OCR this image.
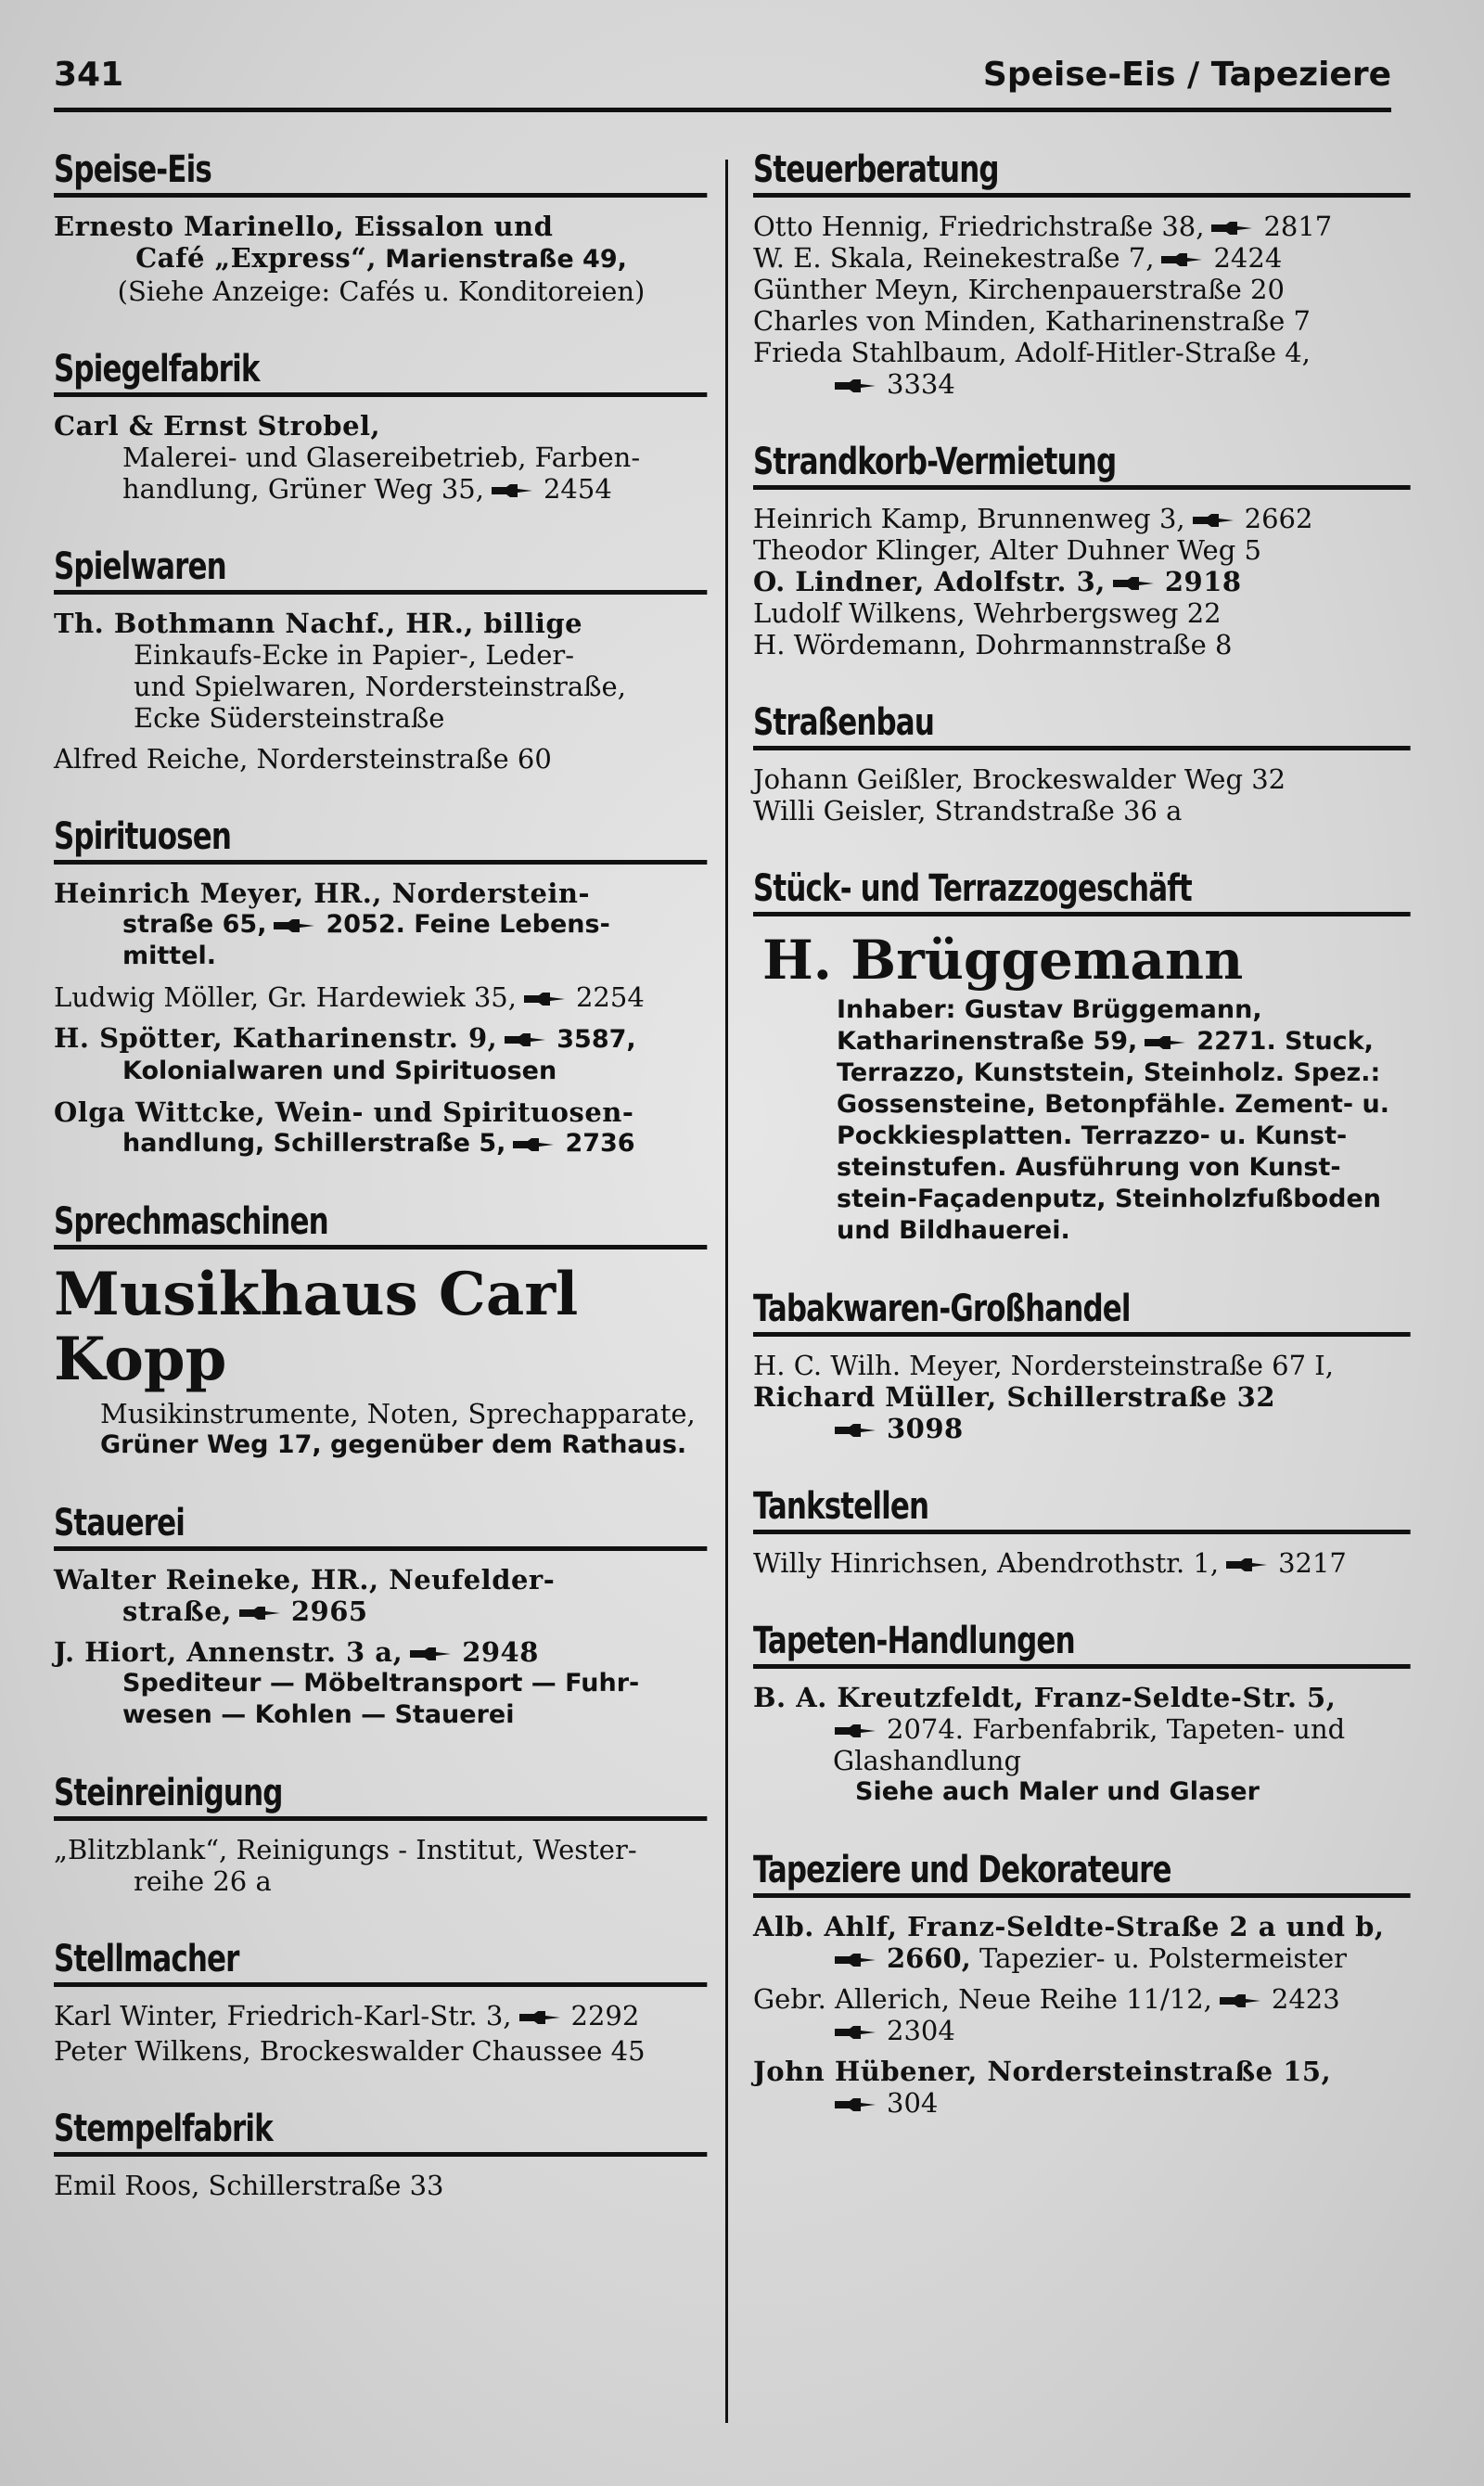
341	Speise-Eis / Tapeziere
Speise-Eis
Ernesto Marinello, Eissalon und
Café „Express“, Marienstraße 49,
(Siehe Anzeige: Cafés u. Konditoreien)
Spiegelfabrik
Carl & Ernst Strobel,
Malerei- und Glasereibetrieb, Farben-
handlung, Grüner Weg 35, 2454
Spielwaren
Th. Bothmann Nachf., HR., billige
Einkaufs-Ecke in Papier-, Leder-
und Spielwaren, Nordersteinstraße,
Ecke Südersteinstraße
Alfred Reiche, Nordersteinstraße 60
Spirituosen
Heinrich Meyer, HR., Norderstein-
straße 65, 2052. Feine Lebens-
mittel.
Ludwig Möller, Gr. Hardewiek 35, 2254
H. Spötter, Katharinenstr. 9, 3587,
Kolonialwaren und Spirituosen
Olga Wittcke, Wein- und Spirituosen-
handlung, Schillerstraße 5, 2736
Sprechmaschinen
Musikhaus Carl Kopp
Musikinstrumente, Noten, Sprechapparate,
Grüner Weg 17, gegenüber dem Rathaus.
Stauerei
Walter Reineke, HR., Neufelder-
straße, 2965
J. Hiort, Annenstr. 3 a, 2948
Spediteur — Möbeltransport — Fuhr-
wesen — Kohlen — Stauerei
Steinreinigung
„Blitzblank“, Reinigungs - Institut, Wester-
reihe 26 a
Stellmacher
Karl Winter, Friedrich-Karl-Str. 3, 2292
Peter Wilkens, Brockeswalder Chaussee 45
Stempelfabrik
Emil Roos, Schillerstraße 33
Steuerberatung
Otto Hennig, Friedrichstraße 38, 2817
W. E. Skala, Reinekestraße 7, 2424
Günther Meyn, Kirchenpauerstraße 20
Charles von Minden, Katharinenstraße 7
Frieda Stahlbaum, Adolf-Hitler-Straße 4,
3334
Strandkorb-Vermietung
Heinrich Kamp, Brunnenweg 3, 2662
Theodor Klinger, Alter Duhner Weg 5
O. Lindner, Adolfstr. 3, 2918
Ludolf Wilkens, Wehrbergsweg 22
H. Wördemann, Dohrmannstraße 8
Straßenbau
Johann Geißler, Brockeswalder Weg 32
Willi Geisler, Strandstraße 36 a
Stück- und Terrazzogeschäft
H. Brüggemann
Inhaber: Gustav Brüggemann,
Katharinenstraße 59, 2271. Stuck,
Terrazzo, Kunststein, Steinholz. Spez.:
Gossensteine, Betonpfähle. Zement- u.
Pockkiesplatten. Terrazzo- u. Kunst-
steinstufen. Ausführung von Kunst-
stein-Façadenputz, Steinholzfußboden
und Bildhauerei.
Tabakwaren-Großhandel
H. C. Wilh. Meyer, Nordersteinstraße 67 I,
Richard Müller, Schillerstraße 32
3098
Tankstellen
Willy Hinrichsen, Abendrothstr. 1, 3217
Tapeten-Handlungen
B. A. Kreutzfeldt, Franz-Seldte-Str. 5,
2074. Farbenfabrik, Tapeten- und
Glashandlung
Siehe auch Maler und Glaser
Tapeziere und Dekorateure
Alb. Ahlf, Franz-Seldte-Straße 2 a und b,
2660, Tapezier- u. Polstermeister
Gebr. Allerich, Neue Reihe 11/12, 2423
2304
John Hübener, Nordersteinstraße 15,
304
